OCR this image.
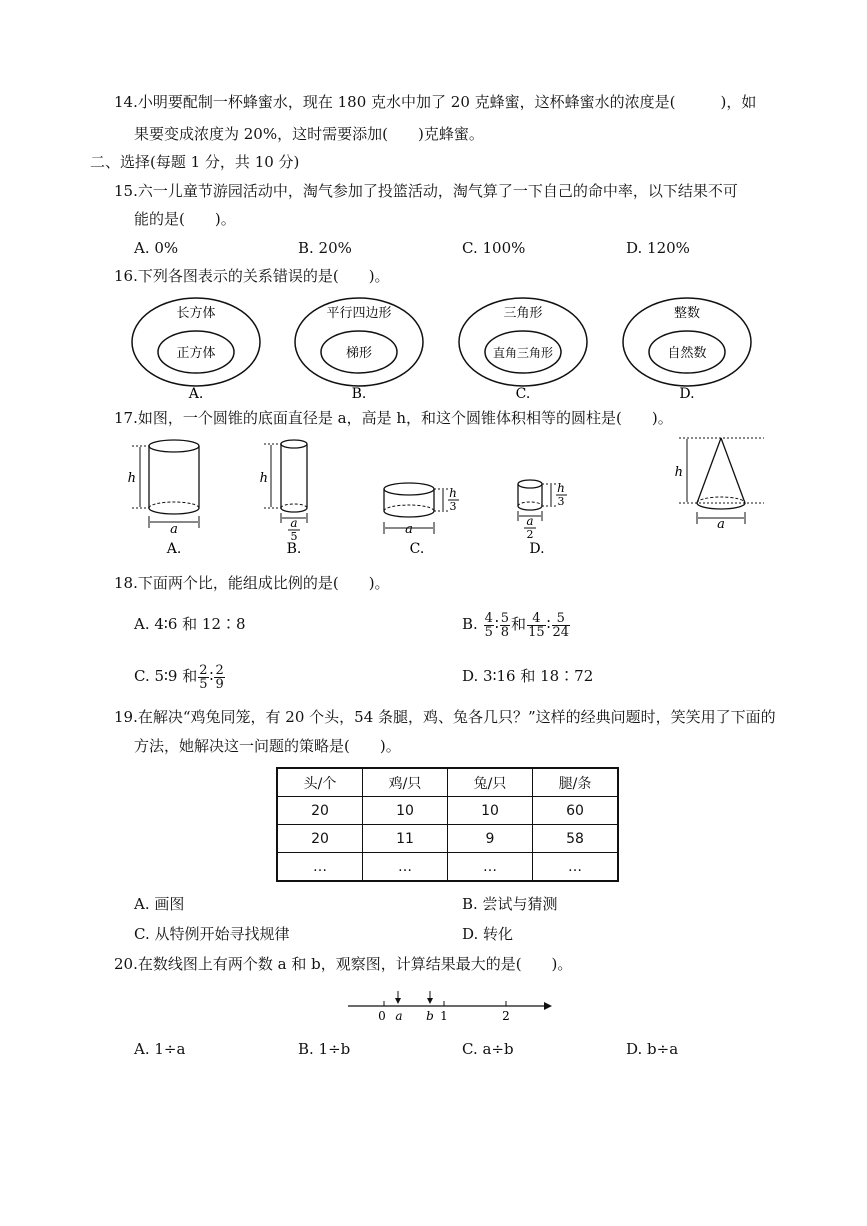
14.小明要配制一杯蜂蜜水，现在 180 克水中加了 20 克蜂蜜，这杯蜂蜜水的浓度是(　　　)，如
果要变成浓度为 20%，这时需要添加(　　)克蜂蜜。
二、选择(每题 1 分，共 10 分)
15.六一儿童节游园活动中，淘气参加了投篮活动，淘气算了一下自己的命中率，以下结果不可
能的是(　　)。
A. 0%	B. 20%	C. 100%	D. 120%
16.下列各图表示的关系错误的是(　　)。
长方体
正方体
A.
平行四边形
梯形
B.
三角形
直角三角形
C.
整数
自然数
D.
17.如图，一个圆锥的底面直径是 a，高是 h，和这个圆锥体积相等的圆柱是(　　)。
h
a
A.
h
a
5
B.
h
3
a
C.
h
3
a
2
D.
h
a
18.下面两个比，能组成比例的是(　　)。
A. 4∶6 和 12∶8	B. $\frac{4}{5}$ ∶ $\frac{5}{8}$ 和 $\frac{4}{15}$ ∶ $\frac{5}{24}$
C. 5∶9 和 $\frac{2}{5}$ ∶ $\frac{2}{9}$	D. 3∶16 和 18∶72
19.在解决“鸡兔同笼，有 20 个头，54 条腿，鸡、兔各几只？”这样的经典问题时，笑笑用了下面的
方法，她解决这一问题的策略是(　　)。
头/个	鸡/只	兔/只	腿/条
20	10	10	60
20	11	9	58
…	…	…	…
A. 画图	B. 尝试与猜测
C. 从特例开始寻找规律	D. 转化
20.在数线图上有两个数 a 和 b，观察图，计算结果最大的是(　　)。
0 a b 1	2
A. 1÷a	B. 1÷b	C. a÷b	D. b÷a
